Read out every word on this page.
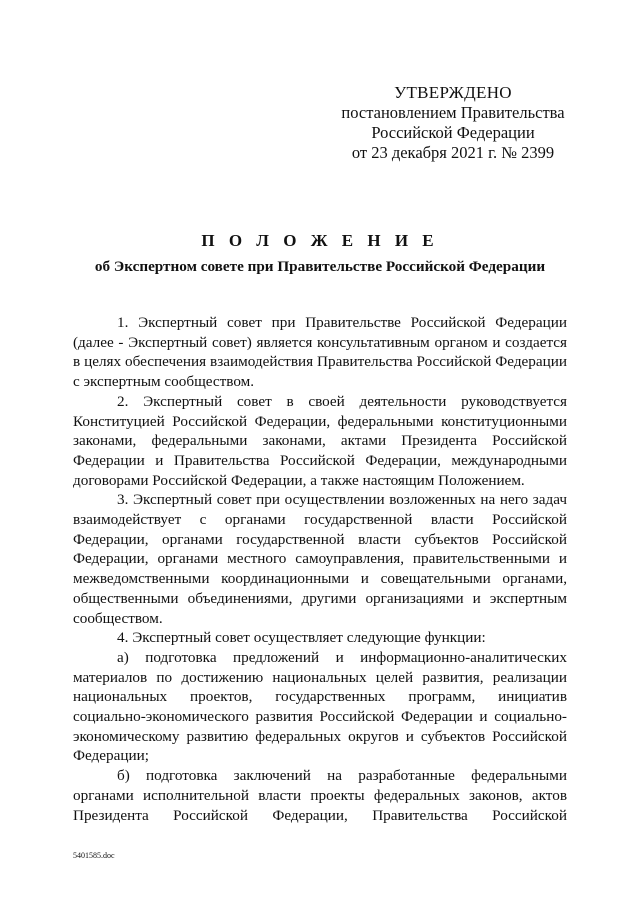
УТВЕРЖДЕНО
постановлением Правительства
Российской Федерации
от 23 декабря 2021 г. № 2399
П О Л О Ж Е Н И Е
об Экспертном совете при Правительстве Российской Федерации

1. Экспертный совет при Правительстве Российской Федерации (далее - Экспертный совет) является консультативным органом и создается в целях обеспечения взаимодействия Правительства Российской Федерации с экспертным сообществом.

2. Экспертный совет в своей деятельности руководствуется Конституцией Российской Федерации, федеральными конституционными законами, федеральными законами, актами Президента Российской Федерации и Правительства Российской Федерации, международными договорами Российской Федерации, а также настоящим Положением.

3. Экспертный совет при осуществлении возложенных на него задач взаимодействует с органами государственной власти Российской Федерации, органами государственной власти субъектов Российской Федерации, органами местного самоуправления, правительственными и межведомственными координационными и совещательными органами, общественными объединениями, другими организациями и экспертным сообществом.

4. Экспертный совет осуществляет следующие функции:

а) подготовка предложений и информационно-аналитических материалов по достижению национальных целей развития, реализации национальных проектов, государственных программ, инициатив социально-экономического развития Российской Федерации и социально-экономическому развитию федеральных округов и субъектов Российской Федерации;

б) подготовка заключений на разработанные федеральными органами исполнительной власти проекты федеральных законов, актов Президента Российской Федерации, Правительства Российской

5401585.doc
